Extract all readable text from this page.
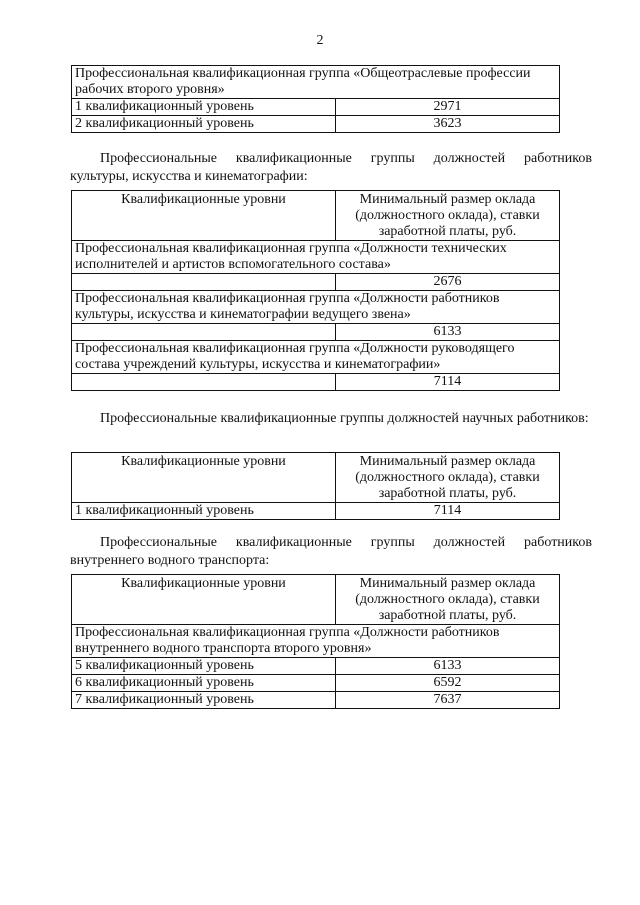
2
Профессиональная квалификационная группа «Общеотраслевые профессии рабочих второго уровня»	
1 квалификационный уровень	2971
2 квалификационный уровень	3623
Профессиональные квалификационные группы должностей работников культуры, искусства и кинематографии:
Квалификационные уровни	Минимальный размер оклада (должностного оклада), ставки заработной платы, руб.
Профессиональная квалификационная группа «Должности технических исполнителей и артистов вспомогательного состава»	
	2676
Профессиональная квалификационная группа «Должности работников культуры, искусства и кинематографии ведущего звена»	
	6133
Профессиональная квалификационная группа «Должности руководящего состава учреждений культуры, искусства и кинематографии»	
	7114
Профессиональные квалификационные группы должностей научных работников:
Квалификационные уровни	Минимальный размер оклада (должностного оклада), ставки заработной платы, руб.
1 квалификационный уровень	7114
Профессиональные квалификационные группы должностей работников внутреннего водного транспорта:
Квалификационные уровни	Минимальный размер оклада (должностного оклада), ставки заработной платы, руб.
Профессиональная квалификационная группа «Должности работников внутреннего водного транспорта второго уровня»	
5 квалификационный уровень	6133
6 квалификационный уровень	6592
7 квалификационный уровень	7637
